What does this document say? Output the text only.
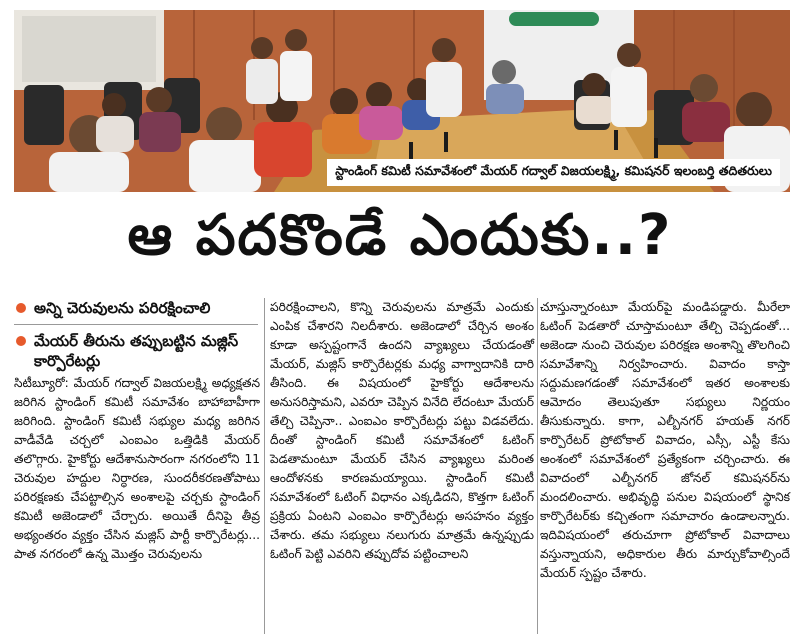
స్టాండింగ్ కమిటీ సమావేశంలో మేయర్ గద్వాల్ విజయలక్ష్మి, కమిషనర్ ఇలంబర్తి తదితరులు
ఆ పదకొండే ఎందుకు..?
అన్ని చెరువులను పరిరక్షించాలి
మేయర్ తీరును తప్పుబట్టిన మజ్లిస్ కార్పొరేటర్లు

సిటీబ్యూరో: మేయర్ గద్వాల్ విజయలక్ష్మి అధ్యక్షతన జరిగిన స్టాండింగ్ కమిటీ సమావేశం బాహాబాహీగా జరిగింది. స్టాండింగ్ కమిటీ సభ్యుల మధ్య జరిగిన వాడీవేడి చర్చలో ఎంఐఎం ఒత్తిడికి మేయర్ తలొగ్గారు. హైకోర్టు ఆదేశానుసారంగా నగరంలోని 11 చెరువుల హద్దుల నిర్ధారణ, సుందరీకరణతోపాటు పరిరక్షణకు చేపట్టాల్సిన అంశాలపై చర్చకు స్టాండింగ్ కమిటీ అజెండాలో చేర్చారు. అయితే దీనిపై తీవ్ర అభ్యంతరం వ్యక్తం చేసిన మజ్లిస్ పార్టీ కార్పొరేటర్లు... పాత నగరంలో ఉన్న మొత్తం చెరువులను

పరిరక్షించాలని, కొన్ని చెరువులను మాత్రమే ఎందుకు ఎంపిక చేశారని నిలదీశారు. అజెండాలో చేర్చిన అంశం కూడా అస్పష్టంగానే ఉందని వ్యాఖ్యలు చేయడంతో మేయర్, మజ్లిస్ కార్పొరేటర్లకు మధ్య వాగ్వాదానికి దారి తీసింది. ఈ విషయంలో హైకోర్టు ఆదేశాలను అనుసరిస్తామని, ఎవరూ చెప్పిన వినేది లేదంటూ మేయర్ తేల్చి చెప్పినా.. ఎంఐఎం కార్పొరేటర్లు పట్టు విడవలేదు. దీంతో స్టాండింగ్ కమిటీ సమావేశంలో ఓటింగ్ పెడతామంటూ మేయర్ చేసిన వ్యాఖ్యలు మరింత ఆందోళనకు కారణమయ్యాయి. స్టాండింగ్ కమిటీ సమావేశంలో ఓటింగ్ విధానం ఎక్కడిదని, కొత్తగా ఓటింగ్ ప్రక్రియ ఏంటని ఎంఐఎం కార్పొరేటర్లు అసహనం వ్యక్తం చేశారు. తమ సభ్యులు నలుగురు మాత్రమే ఉన్నప్పుడు ఓటింగ్ పెట్టి ఎవరిని తప్పుదోవ పట్టించాలని

చూస్తున్నారంటూ మేయర్‌పై మండిపడ్డారు. మీరేలా ఓటింగ్ పెడతారో చూస్తామంటూ తేల్చి చెప్పడంతో... అజెండా నుంచి చెరువుల పరిరక్షణ అంశాన్ని తొలగించి సమావేశాన్ని నిర్వహించారు. వివాదం కాస్తా సద్దుమణగడంతో సమావేశంలో ఇతర అంశాలకు ఆమోదం తెలుపుతూ సభ్యులు నిర్ణయం తీసుకున్నారు. కాగా, ఎల్బీనగర్ హయత్ నగర్ కార్పొరేటర్ ప్రోటోకాల్ వివాదం, ఎస్సీ, ఎస్టీ కేసు అంశంలో సమావేశంలో ప్రత్యేకంగా చర్చించారు. ఈ వివాదంలో ఎల్బీనగర్ జోనల్ కమిషనర్‌ను మందలించారు. అభివృద్ధి పనుల విషయంలో స్థానిక కార్పొరేటర్‌కు కచ్చితంగా సమాచారం ఉండాలన్నారు. ఇదివిషయంలో తరుచూగా ప్రోటోకాల్ వివాదాలు వస్తున్నాయని, అధికారుల తీరు మార్చుకోవాల్సిందే మేయర్ స్పష్టం చేశారు.
